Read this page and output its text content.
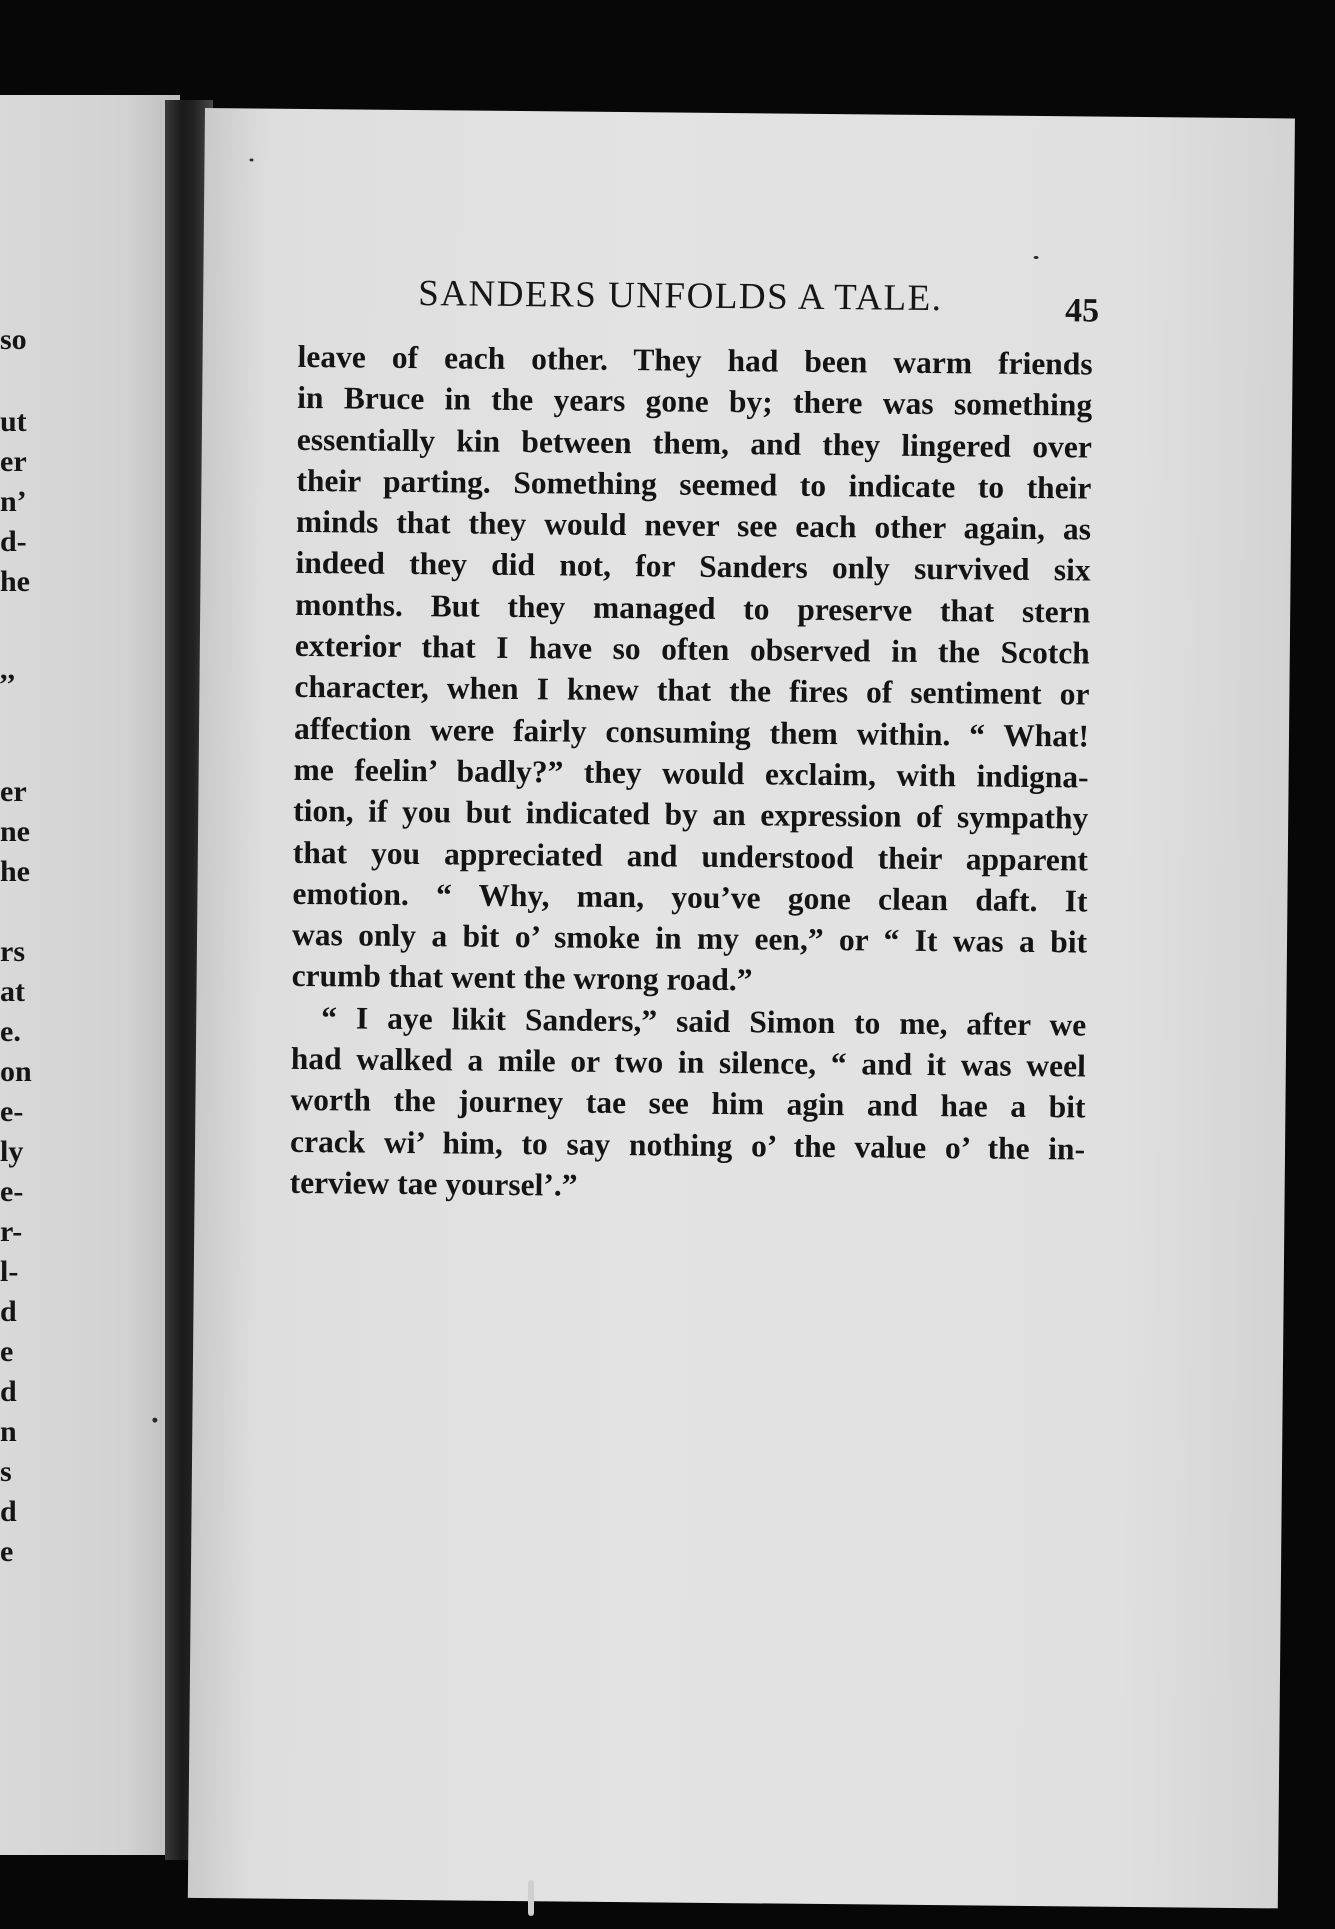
so
ut
er
n’
d-
he
,,
er
ne
he
rs
at
e.
on
e-
ly
e-
r-
l-
d
e
d
n
s
d
e
SANDERS UNFOLDS A TALE.	45
leave of each other. They had been warm friends
in Bruce in the years gone by; there was something
essentially kin between them, and they lingered over
their parting. Something seemed to indicate to their
minds that they would never see each other again, as
indeed they did not, for Sanders only survived six
months. But they managed to preserve that stern
exterior that I have so often observed in the Scotch
character, when I knew that the fires of sentiment or
affection were fairly consuming them within. “ What!
me feelin’ badly?” they would exclaim, with indigna-
tion, if you but indicated by an expression of sympathy
that you appreciated and understood their apparent
emotion. “ Why, man, you’ve gone clean daft. It
was only a bit o’ smoke in my een,” or “ It was a bit
crumb that went the wrong road.”
“ I aye likit Sanders,” said Simon to me, after we
had walked a mile or two in silence, “ and it was weel
worth the journey tae see him agin and hae a bit
crack wi’ him, to say nothing o’ the value o’ the in-
terview tae yoursel’.”
